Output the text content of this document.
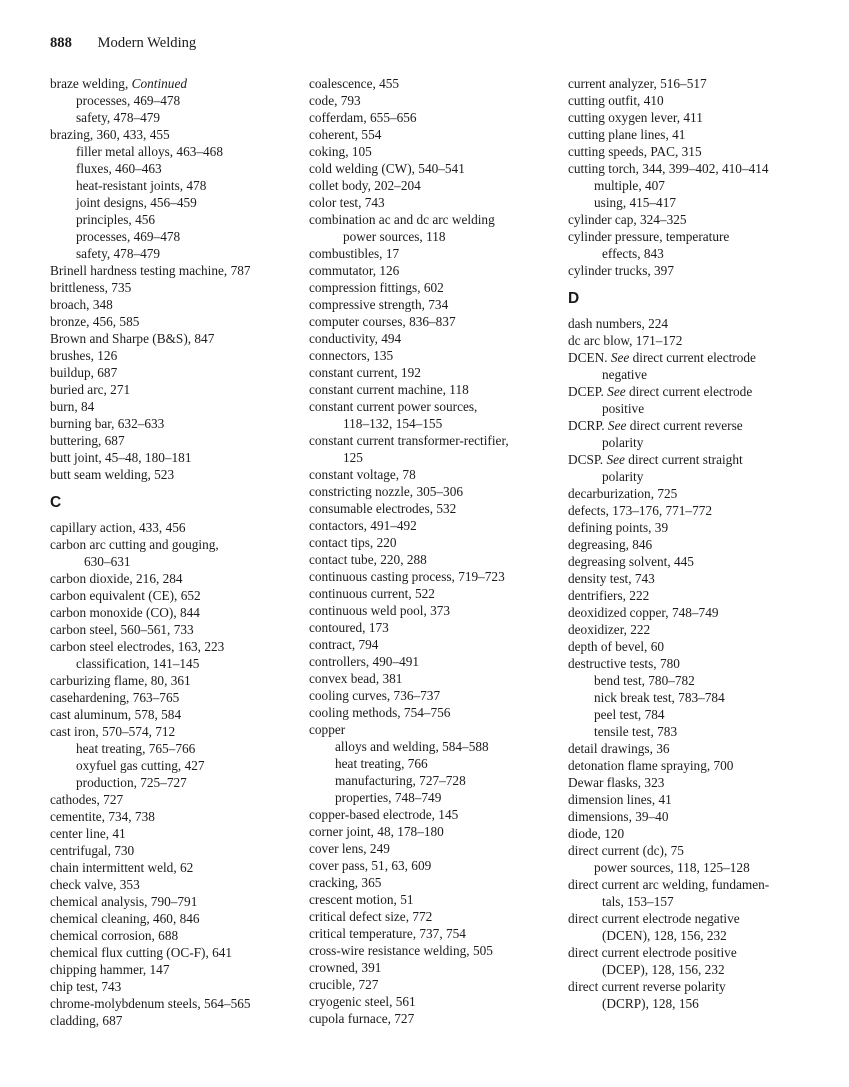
888 Modern Welding
braze welding, Continued
processes, 469–478
safety, 478–479
brazing, 360, 433, 455
filler metal alloys, 463–468
fluxes, 460–463
heat-resistant joints, 478
joint designs, 456–459
principles, 456
processes, 469–478
safety, 478–479
Brinell hardness testing machine, 787
brittleness, 735
broach, 348
bronze, 456, 585
Brown and Sharpe (B&S), 847
brushes, 126
buildup, 687
buried arc, 271
burn, 84
burning bar, 632–633
buttering, 687
butt joint, 45–48, 180–181
butt seam welding, 523
C
capillary action, 433, 456
carbon arc cutting and gouging,
630–631
carbon dioxide, 216, 284
carbon equivalent (CE), 652
carbon monoxide (CO), 844
carbon steel, 560–561, 733
carbon steel electrodes, 163, 223
classification, 141–145
carburizing flame, 80, 361
casehardening, 763–765
cast aluminum, 578, 584
cast iron, 570–574, 712
heat treating, 765–766
oxyfuel gas cutting, 427
production, 725–727
cathodes, 727
cementite, 734, 738
center line, 41
centrifugal, 730
chain intermittent weld, 62
check valve, 353
chemical analysis, 790–791
chemical cleaning, 460, 846
chemical corrosion, 688
chemical flux cutting (OC-F), 641
chipping hammer, 147
chip test, 743
chrome-molybdenum steels, 564–565
cladding, 687
coalescence, 455
code, 793
cofferdam, 655–656
coherent, 554
coking, 105
cold welding (CW), 540–541
collet body, 202–204
color test, 743
combination ac and dc arc welding
power sources, 118
combustibles, 17
commutator, 126
compression fittings, 602
compressive strength, 734
computer courses, 836–837
conductivity, 494
connectors, 135
constant current, 192
constant current machine, 118
constant current power sources,
118–132, 154–155
constant current transformer-rectifier,
125
constant voltage, 78
constricting nozzle, 305–306
consumable electrodes, 532
contactors, 491–492
contact tips, 220
contact tube, 220, 288
continuous casting process, 719–723
continuous current, 522
continuous weld pool, 373
contoured, 173
contract, 794
controllers, 490–491
convex bead, 381
cooling curves, 736–737
cooling methods, 754–756
copper
alloys and welding, 584–588
heat treating, 766
manufacturing, 727–728
properties, 748–749
copper-based electrode, 145
corner joint, 48, 178–180
cover lens, 249
cover pass, 51, 63, 609
cracking, 365
crescent motion, 51
critical defect size, 772
critical temperature, 737, 754
cross-wire resistance welding, 505
crowned, 391
crucible, 727
cryogenic steel, 561
cupola furnace, 727
current analyzer, 516–517
cutting outfit, 410
cutting oxygen lever, 411
cutting plane lines, 41
cutting speeds, PAC, 315
cutting torch, 344, 399–402, 410–414
multiple, 407
using, 415–417
cylinder cap, 324–325
cylinder pressure, temperature
effects, 843
cylinder trucks, 397
D
dash numbers, 224
dc arc blow, 171–172
DCEN. See direct current electrode
negative
DCEP. See direct current electrode
positive
DCRP. See direct current reverse
polarity
DCSP. See direct current straight
polarity
decarburization, 725
defects, 173–176, 771–772
defining points, 39
degreasing, 846
degreasing solvent, 445
density test, 743
dentrifiers, 222
deoxidized copper, 748–749
deoxidizer, 222
depth of bevel, 60
destructive tests, 780
bend test, 780–782
nick break test, 783–784
peel test, 784
tensile test, 783
detail drawings, 36
detonation flame spraying, 700
Dewar flasks, 323
dimension lines, 41
dimensions, 39–40
diode, 120
direct current (dc), 75
power sources, 118, 125–128
direct current arc welding, fundamen-
tals, 153–157
direct current electrode negative
(DCEN), 128, 156, 232
direct current electrode positive
(DCEP), 128, 156, 232
direct current reverse polarity
(DCRP), 128, 156
